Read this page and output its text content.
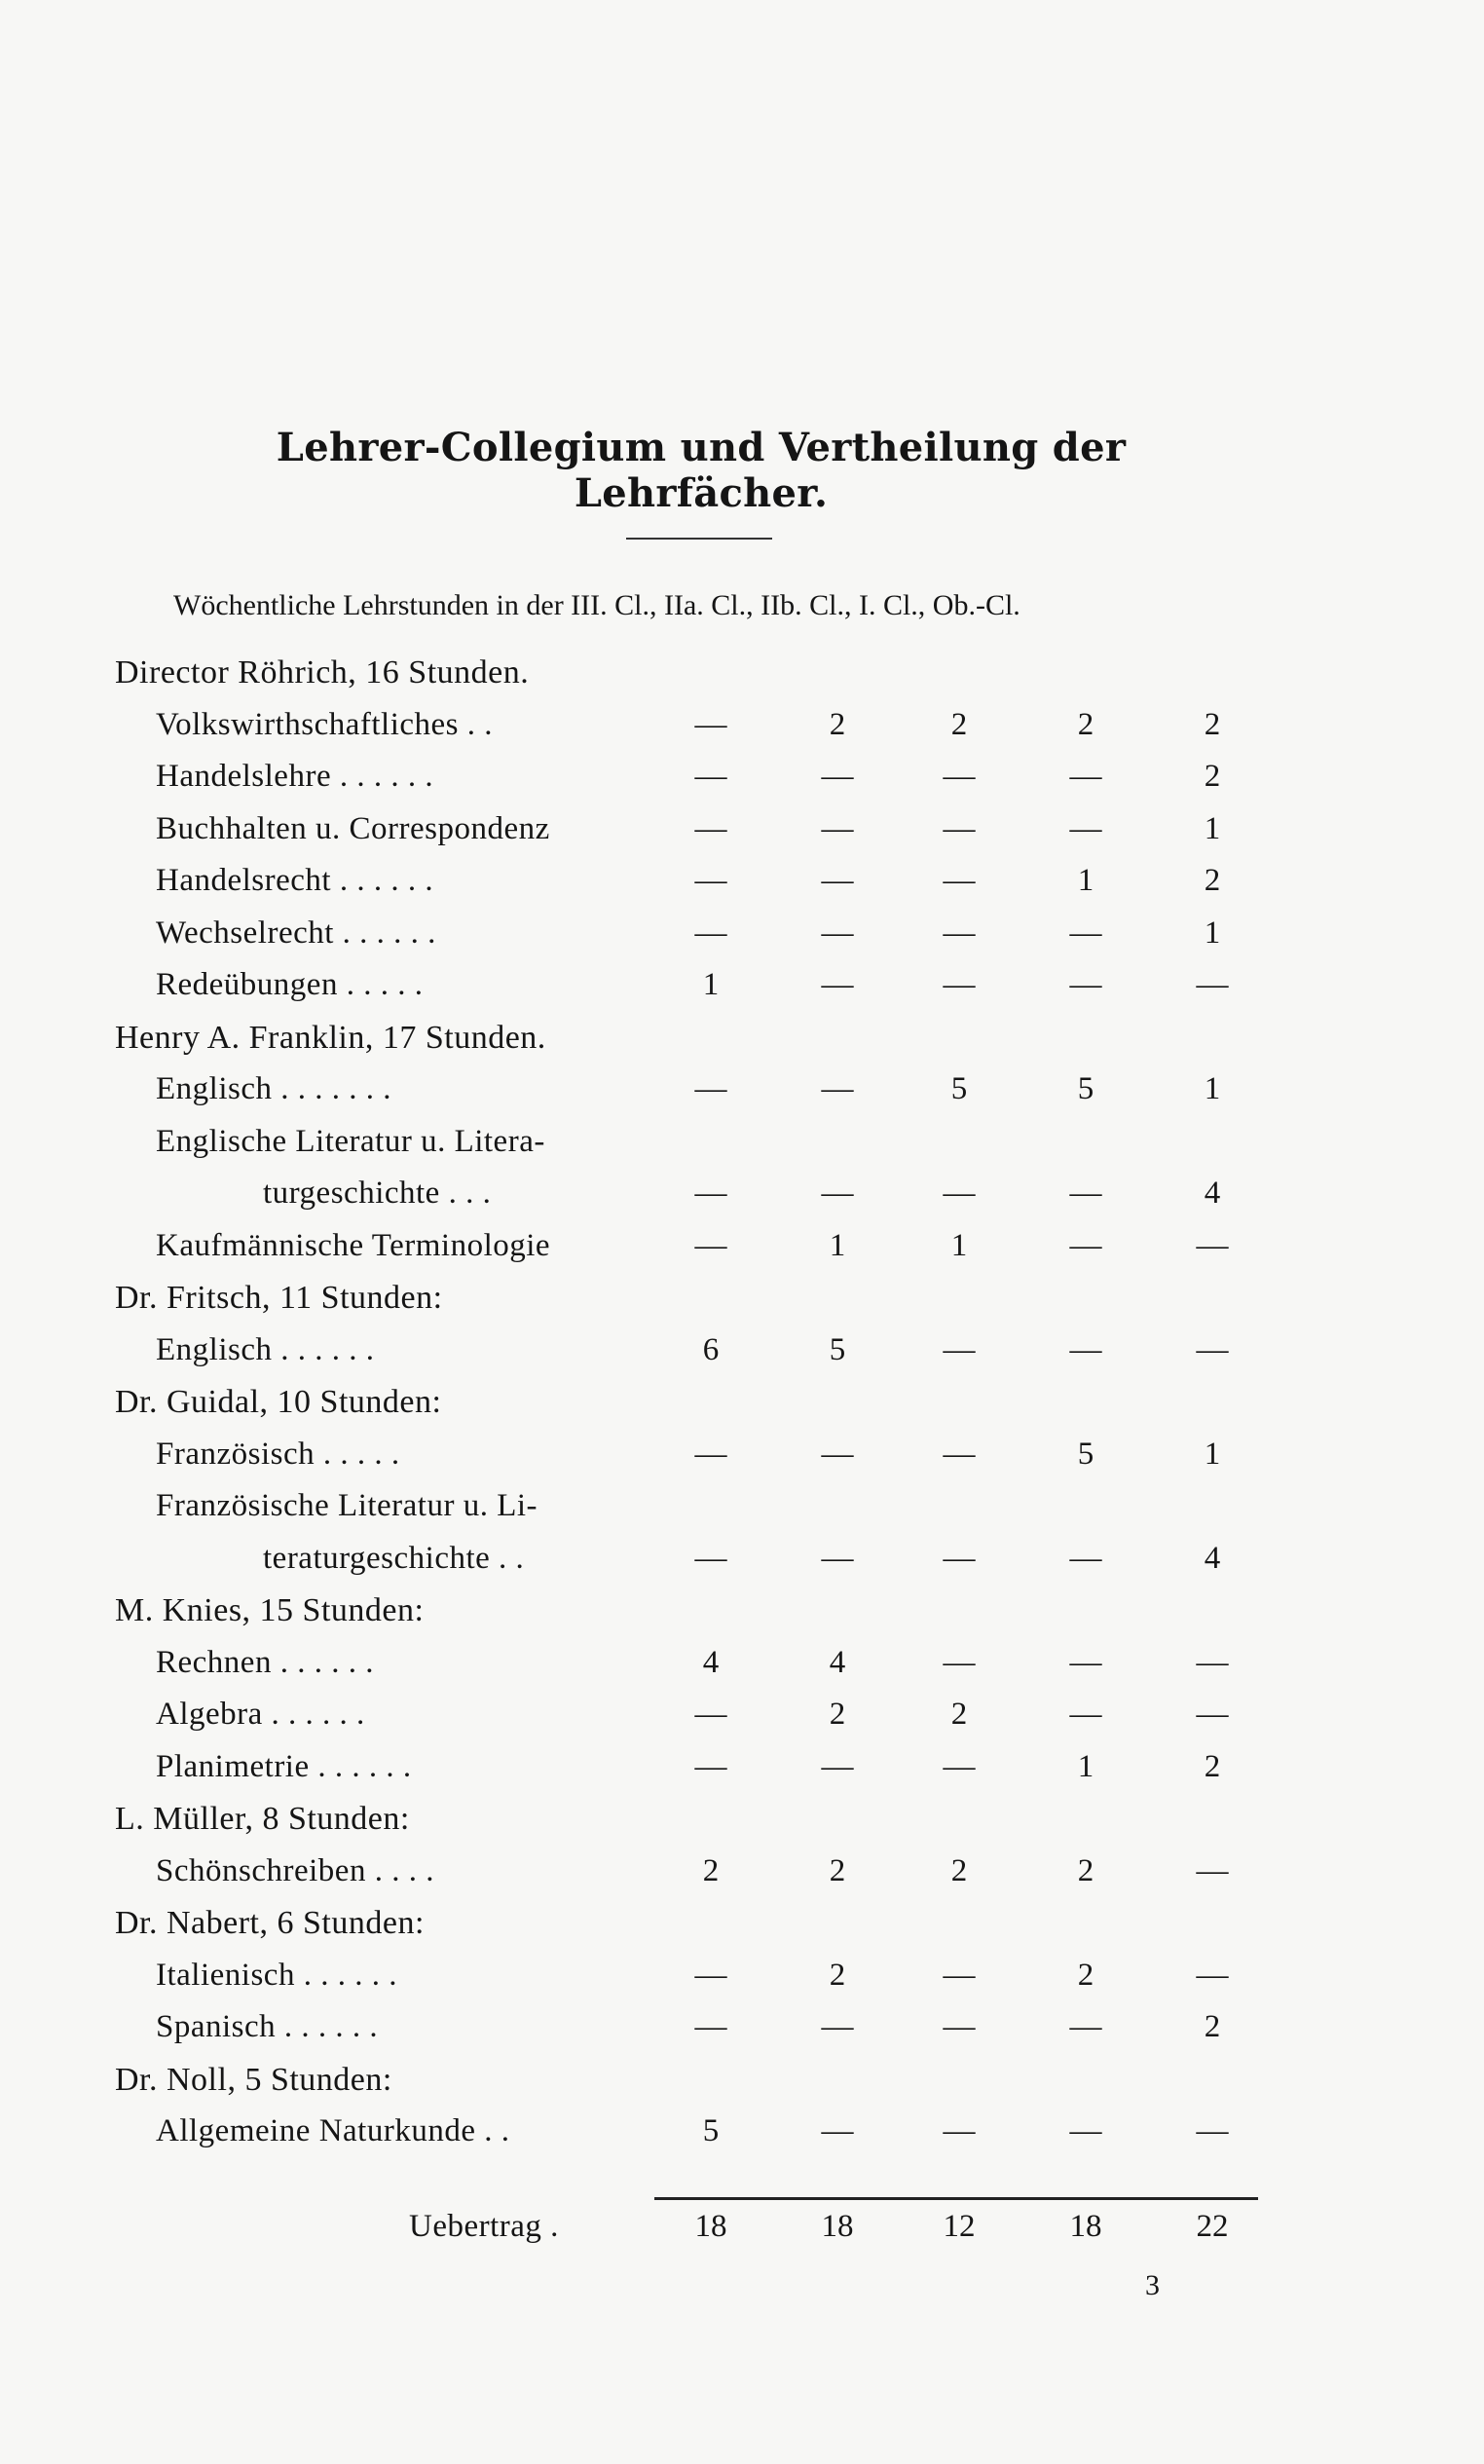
Lehrer-Collegium und Vertheilung der Lehrfächer.
Wöchentliche Lehrstunden in der III. Cl., IIa. Cl., IIb. Cl., I. Cl., Ob.-Cl.
Director Röhrich, 16 Stunden.
Volkswirthschaftliches . .	—	2	2	2	2
Handelslehre . . . . . .	—	—	—	—	2
Buchhalten u. Correspondenz	—	—	—	—	1
Handelsrecht . . . . . .	—	—	—	1	2
Wechselrecht . . . . . .	—	—	—	—	1
Redeübungen . . . . .	1	—	—	—	—
Henry A. Franklin, 17 Stunden.
Englisch . . . . . . .	—	—	5	5	1
Englische Literatur u. Litera-
turgeschichte . . .	—	—	—	—	4
Kaufmännische Terminologie	—	1	1	—	—
Dr. Fritsch, 11 Stunden:
Englisch . . . . . .	6	5	—	—	—
Dr. Guidal, 10 Stunden:
Französisch . . . . .	—	—	—	5	1
Französische Literatur u. Li-
teraturgeschichte . .	—	—	—	—	4
M. Knies, 15 Stunden:
Rechnen . . . . . .	4	4	—	—	—
Algebra . . . . . .	—	2	2	—	—
Planimetrie . . . . . .	—	—	—	1	2
L. Müller, 8 Stunden:
Schönschreiben . . . .	2	2	2	2	—
Dr. Nabert, 6 Stunden:
Italienisch . . . . . .	—	2	—	2	—
Spanisch . . . . . .	—	—	—	—	2
Dr. Noll, 5 Stunden:
Allgemeine Naturkunde . .	5	—	—	—	—
Uebertrag .	18	18	12	18	22
3
